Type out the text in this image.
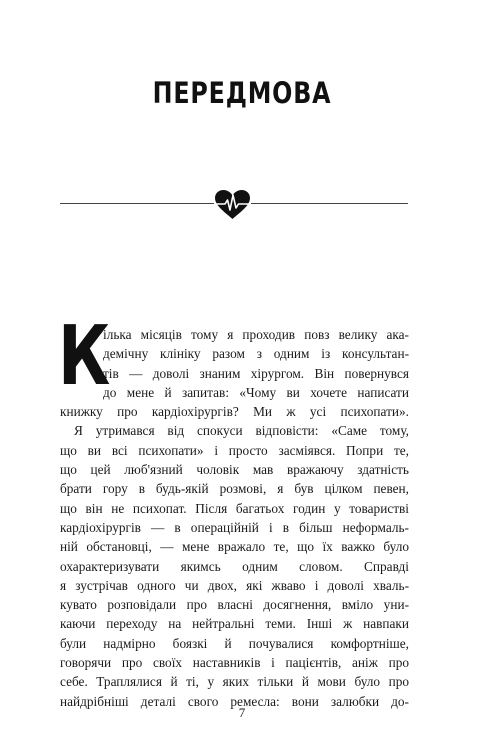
ПЕРЕДМОВА
К
ілька місяців тому я проходив повз велику ака-
демічну клініку разом з одним із консультан-
тів — доволі знаним хірургом. Він повернувся
до мене й запитав: «Чому ви хочете написати
книжку про кардіохірургів? Ми ж усі психопати».
Я утримався від спокуси відповісти: «Саме тому,
що ви всі психопати» і просто засміявся. Попри те,
що цей люб'язний чоловік мав вражаючу здатність
брати гору в будь-якій розмові, я був цілком певен,
що він не психопат. Після багатьох годин у товаристві
кардіохірургів — в операційній і в більш неформаль-
ній обстановці, — мене вражало те, що їх важко було
охарактеризувати якимсь одним словом. Справді
я зустрічав одного чи двох, які жваво і доволі хваль-
кувато розповідали про власні досягнення, вміло уни-
каючи переходу на нейтральні теми. Інші ж навпаки
були надмірно боязкі й почувалися комфортніше,
говорячи про своїх наставників і пацієнтів, аніж про
себе. Траплялися й ті, у яких тільки й мови було про
найдрібніші деталі свого ремесла: вони залюбки до-
7
